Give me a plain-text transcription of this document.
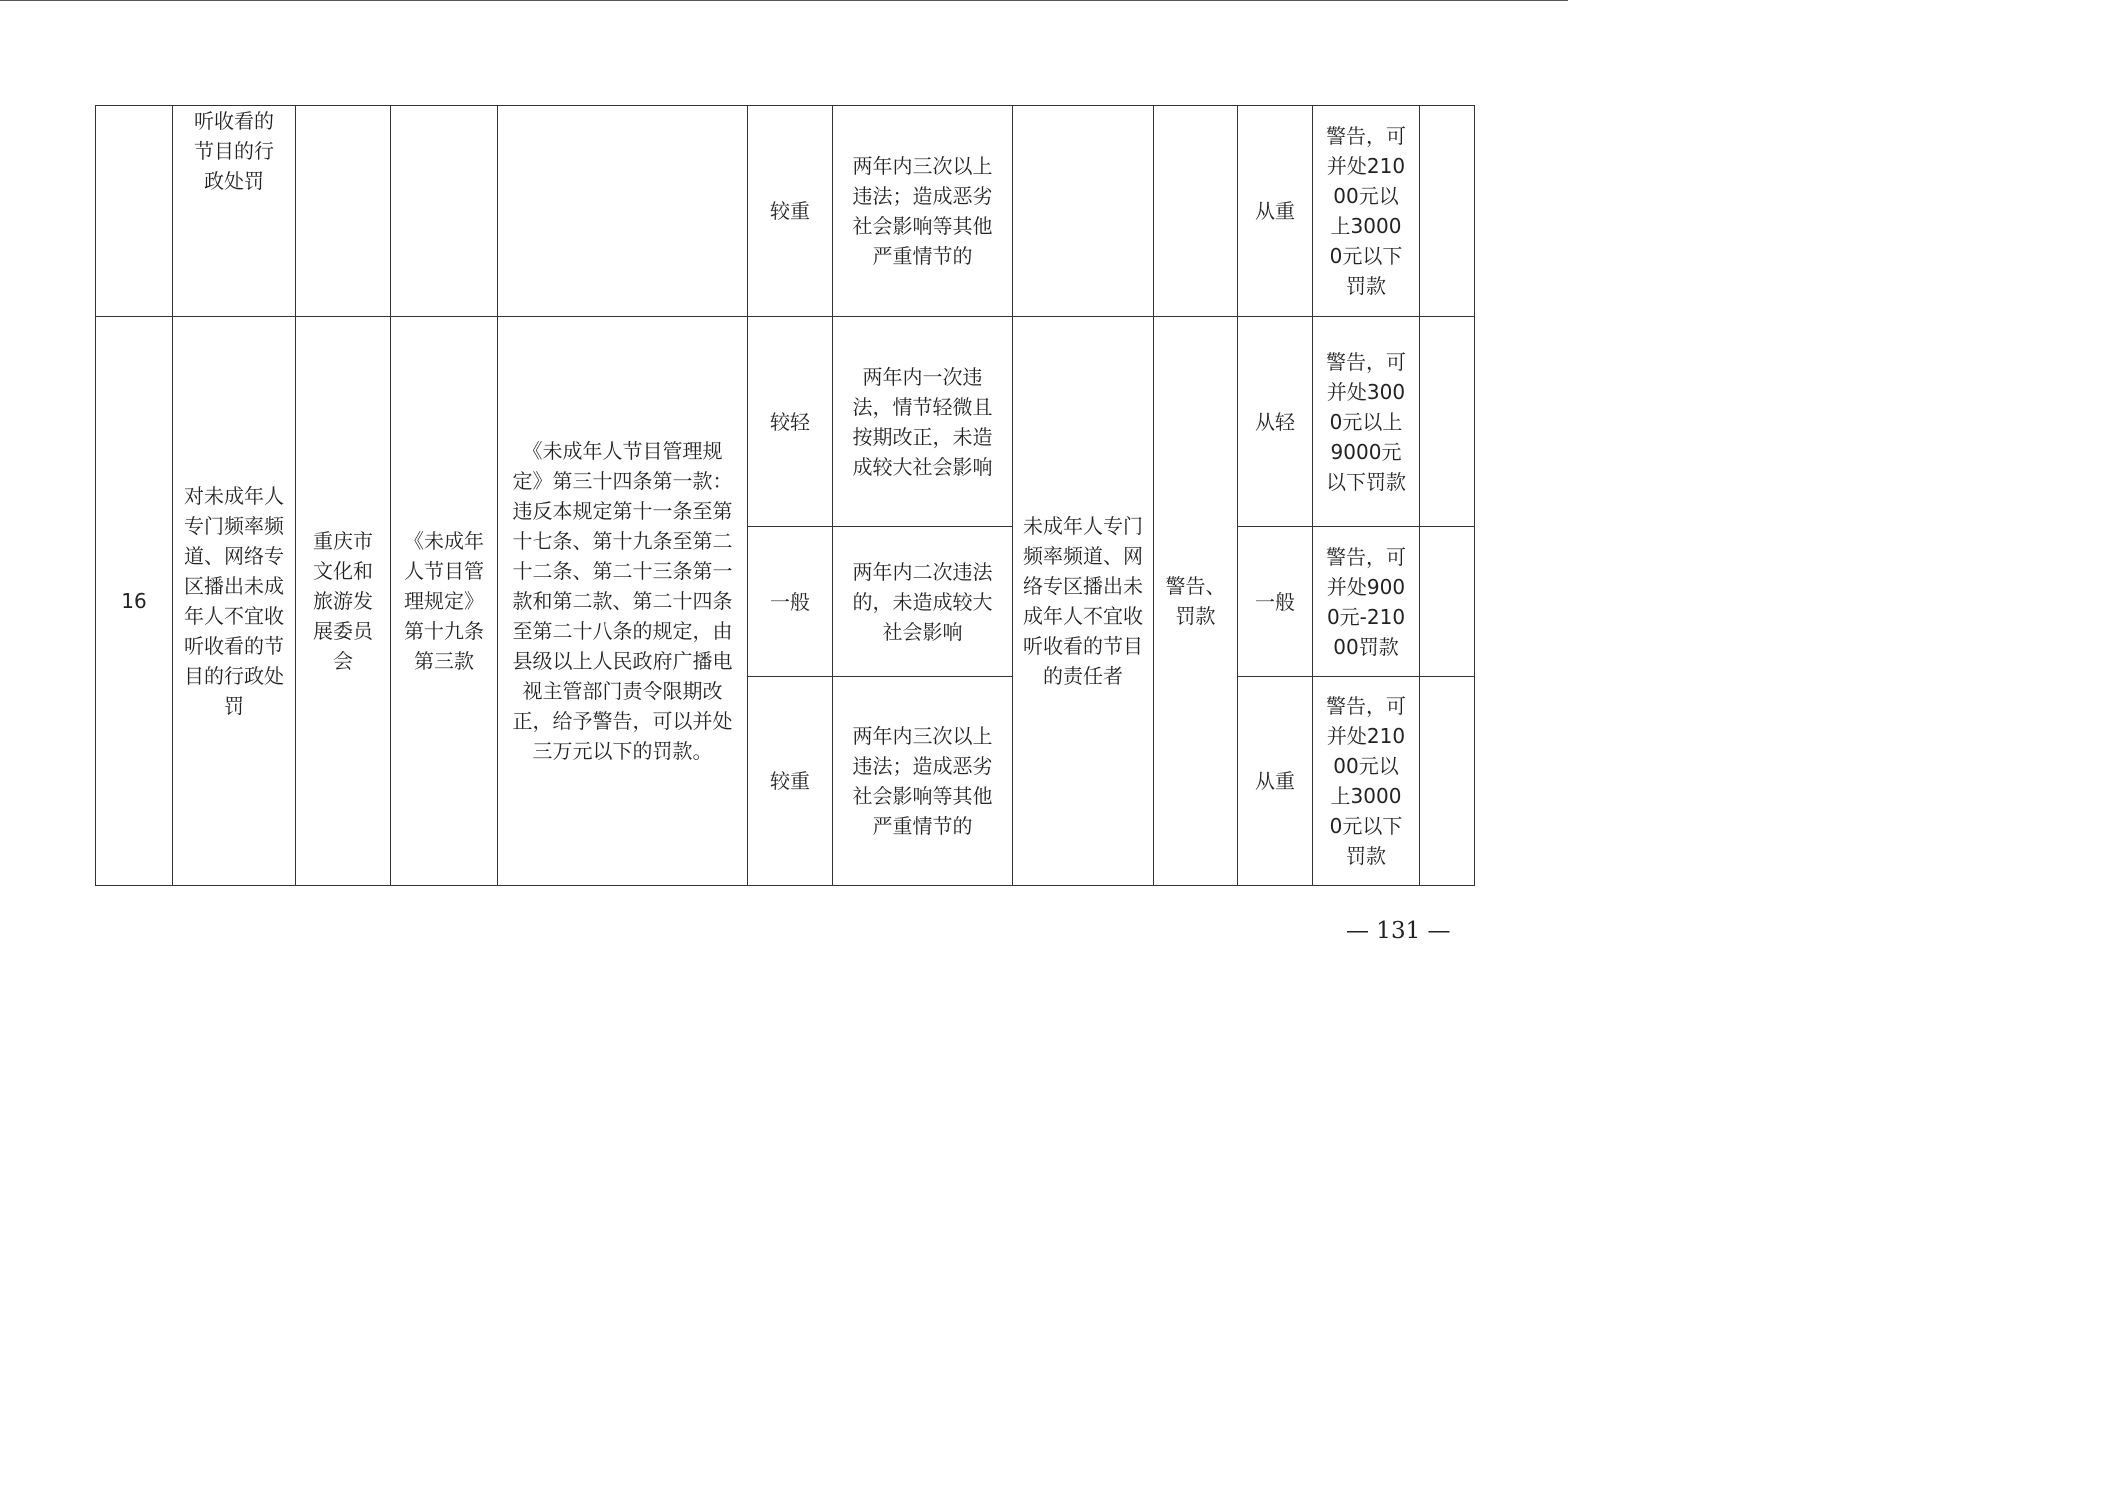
	听收看的节目的行政处罚				较重	两年内三次以上违法；造成恶劣社会影响等其他严重情节的			从重	警告，可并处21000元以上30000元以下罚款	
16	对未成年人专门频率频道、网络专区播出未成年人不宜收听收看的节目的行政处罚	重庆市文化和旅游发展委员会	《未成年人节目管理规定》第十九条第三款	《未成年人节目管理规定》第三十四条第一款：违反本规定第十一条至第十七条、第十九条至第二十二条、第二十三条第一款和第二款、第二十四条至第二十八条的规定，由县级以上人民政府广播电视主管部门责令限期改正，给予警告，可以并处三万元以下的罚款。	较轻	两年内一次违法，情节轻微且按期改正，未造成较大社会影响	未成年人专门频率频道、网络专区播出未成年人不宜收听收看的节目的责任者	警告、罚款	从轻	警告，可并处3000元以上9000元以下罚款	
					一般	两年内二次违法的，未造成较大社会影响			一般	警告，可并处9000元-21000罚款	
					较重	两年内三次以上违法；造成恶劣社会影响等其他严重情节的			从重	警告，可并处21000元以上30000元以下罚款	
— 131 —
